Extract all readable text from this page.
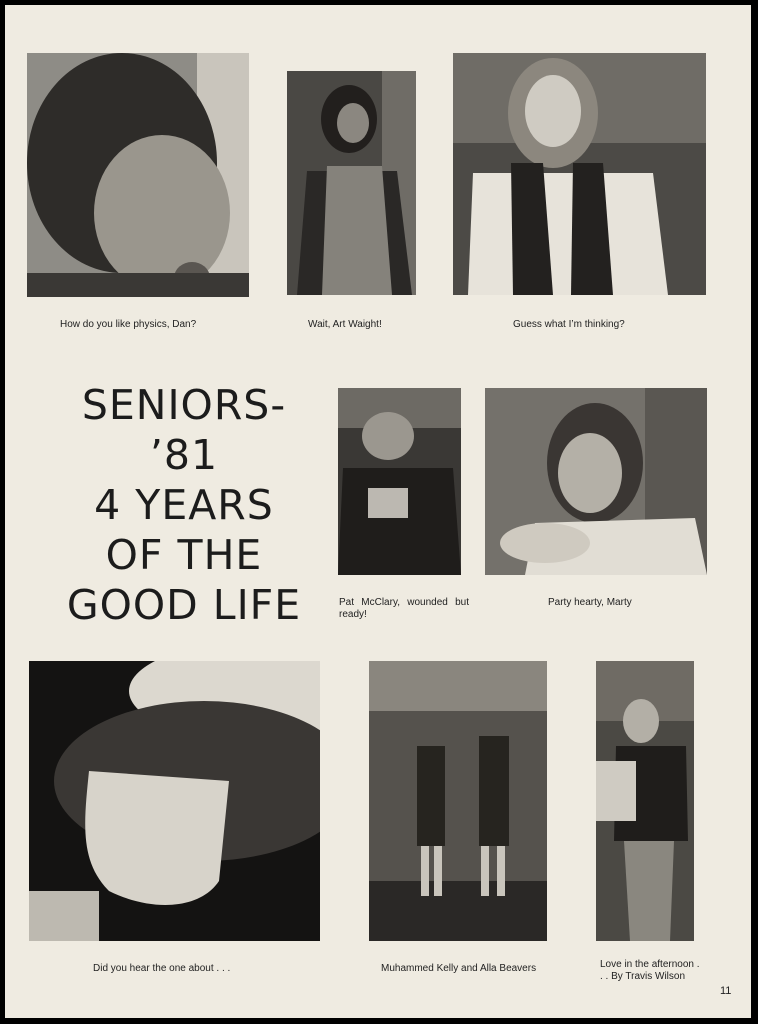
How do you like physics, Dan?	Wait, Art Waight!	Guess what I’m thinking?
SENIORS-
’81
4 YEARS
OF THE
GOOD LIFE	Pat McClary, wounded but ready!
Party hearty, Marty
Did you hear the one about . . .	Muhammed Kelly and Alla Beavers	Love in the afternoon . . . By Travis Wilson
11
